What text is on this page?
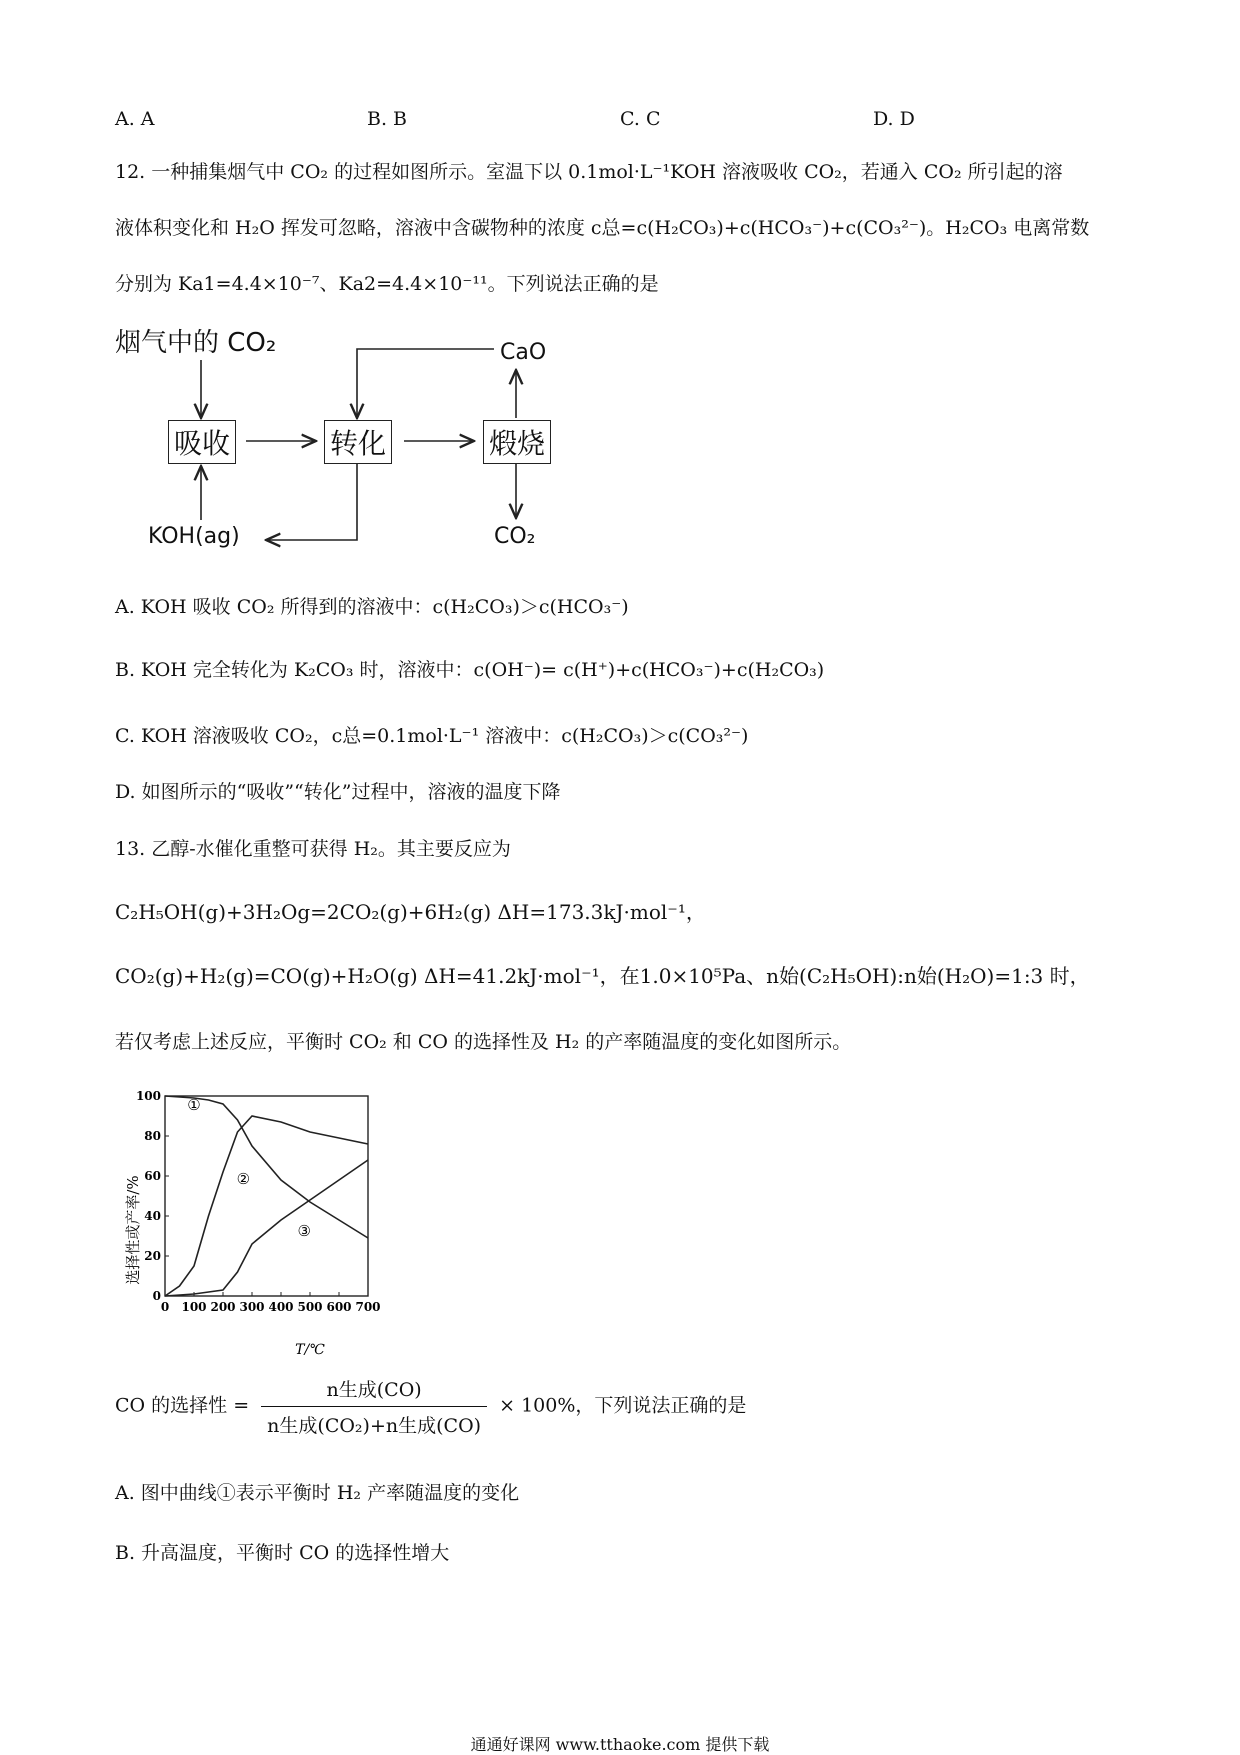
A. A	B. B	C. C	D. D
12. 一种捕集烟气中 CO₂ 的过程如图所示。室温下以 0.1mol·L⁻¹KOH 溶液吸收 CO₂，若通入 CO₂ 所引起的溶
液体积变化和 H₂O 挥发可忽略，溶液中含碳物种的浓度 c总=c(H₂CO₃)+c(HCO₃⁻)+c(CO₃²⁻)。H₂CO₃ 电离常数
分别为 Ka1=4.4×10⁻⁷、Ka2=4.4×10⁻¹¹。下列说法正确的是
烟气中的 CO₂
吸收	转化	煅烧
CaO
KOH(ag)	CO₂
A. KOH 吸收 CO₂ 所得到的溶液中：c(H₂CO₃)＞c(HCO₃⁻)
B. KOH 完全转化为 K₂CO₃ 时，溶液中：c(OH⁻)= c(H⁺)+c(HCO₃⁻)+c(H₂CO₃)
C. KOH 溶液吸收 CO₂，c总=0.1mol·L⁻¹ 溶液中：c(H₂CO₃)＞c(CO₃²⁻)
D. 如图所示的“吸收”“转化”过程中，溶液的温度下降
13. 乙醇-水催化重整可获得 H₂。其主要反应为
C₂H₅OH(g)+3H₂Og=2CO₂(g)+6H₂(g) ΔH=173.3kJ·mol⁻¹，
CO₂(g)+H₂(g)=CO(g)+H₂O(g) ΔH=41.2kJ·mol⁻¹，在1.0×10⁵Pa、n始(C₂H₅OH):n始(H₂O)=1:3 时，
若仅考虑上述反应，平衡时 CO₂ 和 CO 的选择性及 H₂ 的产率随温度的变化如图所示。
选择性或产率/%
T/℃
0 100 200 300 400 500 600 700
0
20
40
60
80
100 ①
②
③
CO 的选择性 = $\frac{\text{n生成(CO)}}{\text{n生成(CO₂)+n生成(CO)}} \times 100\%$，下列说法正确的是
A. 图中曲线①表示平衡时 H₂ 产率随温度的变化
B. 升高温度，平衡时 CO 的选择性增大
通通好课网 www.tthaoke.com 提供下载
